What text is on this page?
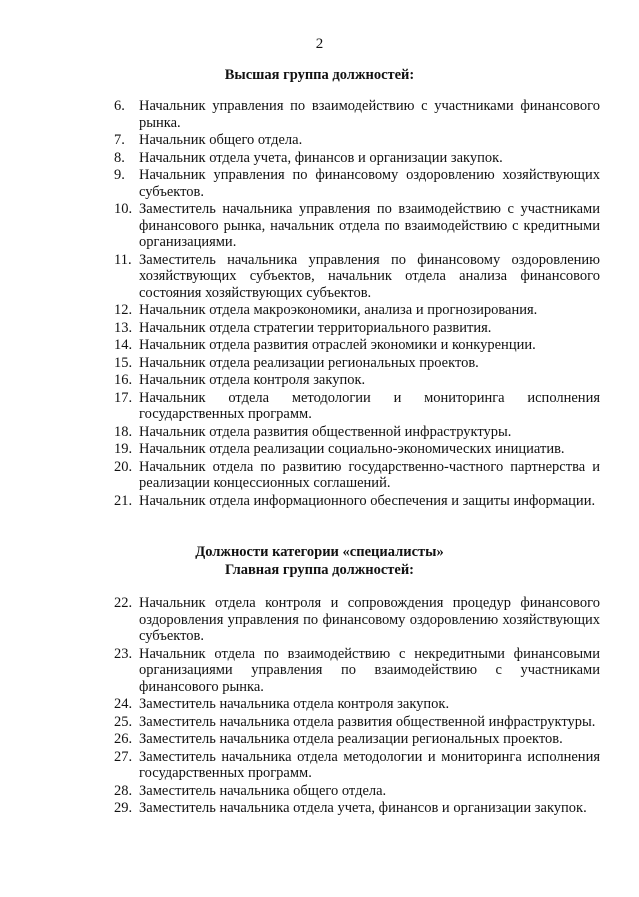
2
Высшая группа должностей:
6. Начальник управления по взаимодействию с участниками финансового рынка.
7. Начальник общего отдела.
8. Начальник отдела учета, финансов и организации закупок.
9. Начальник управления по финансовому оздоровлению хозяйствующих субъектов.
10. Заместитель начальника управления по взаимодействию с участниками финансового рынка, начальник отдела по взаимодействию с кредитными организациями.
11. Заместитель начальника управления по финансовому оздоровлению хозяйствующих субъектов, начальник отдела анализа финансового состояния хозяйствующих субъектов.
12. Начальник отдела макроэкономики, анализа и прогнозирования.
13. Начальник отдела стратегии территориального развития.
14. Начальник отдела развития отраслей экономики и конкуренции.
15. Начальник отдела реализации региональных проектов.
16. Начальник отдела контроля закупок.
17. Начальник отдела методологии и мониторинга исполнения государственных программ.
18. Начальник отдела развития общественной инфраструктуры.
19. Начальник отдела реализации социально-экономических инициатив.
20. Начальник отдела по развитию государственно-частного партнерства и реализации концессионных соглашений.
21. Начальник отдела информационного обеспечения и защиты информации.
Должности категории «специалисты»
Главная группа должностей:
22. Начальник отдела контроля и сопровождения процедур финансового оздоровления управления по финансовому оздоровлению хозяйствующих субъектов.
23. Начальник отдела по взаимодействию с некредитными финансовыми организациями управления по взаимодействию с участниками финансового рынка.
24. Заместитель начальника отдела контроля закупок.
25. Заместитель начальника отдела развития общественной инфраструктуры.
26. Заместитель начальника отдела реализации региональных проектов.
27. Заместитель начальника отдела методологии и мониторинга исполнения государственных программ.
28. Заместитель начальника общего отдела.
29. Заместитель начальника отдела учета, финансов и организации закупок.
